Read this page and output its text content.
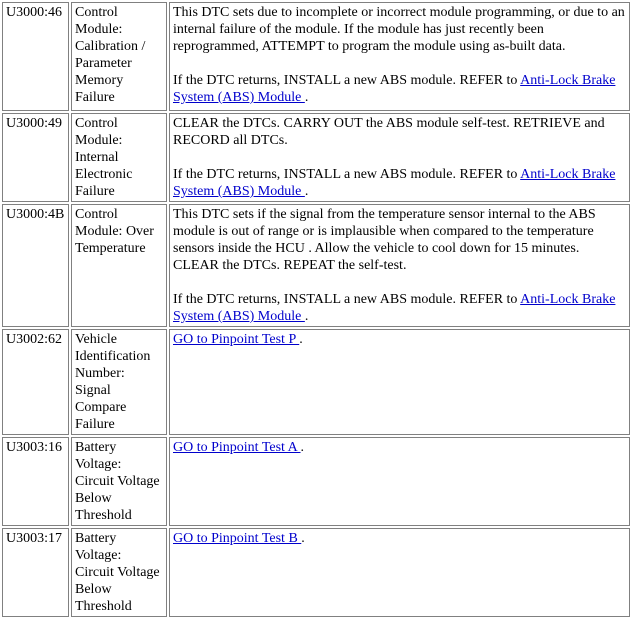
U3000:46	Control Module: Calibration / Parameter Memory Failure	This DTC sets due to incomplete or incorrect module programming, or due to an internal failure of the module. If the module has just recently been reprogrammed, ATTEMPT to program the module using as-built data.

If the DTC returns, INSTALL a new ABS module. REFER to Anti-Lock Brake System (ABS) Module .

U3000:49	Control Module: Internal Electronic Failure	CLEAR the DTCs. CARRY OUT the ABS module self-test. RETRIEVE and RECORD all DTCs.

If the DTC returns, INSTALL a new ABS module. REFER to Anti-Lock Brake System (ABS) Module .

U3000:4B	Control Module: Over Temperature	This DTC sets if the signal from the temperature sensor internal to the ABS module is out of range or is implausible when compared to the temperature sensors inside the HCU . Allow the vehicle to cool down for 15 minutes. CLEAR the DTCs. REPEAT the self-test.

If the DTC returns, INSTALL a new ABS module. REFER to Anti-Lock Brake System (ABS) Module .

U3002:62	Vehicle Identification Number: Signal Compare Failure	GO to Pinpoint Test P .

U3003:16	Battery Voltage: Circuit Voltage Below Threshold	GO to Pinpoint Test A .

U3003:17	Battery Voltage: Circuit Voltage Below Threshold	GO to Pinpoint Test B .
